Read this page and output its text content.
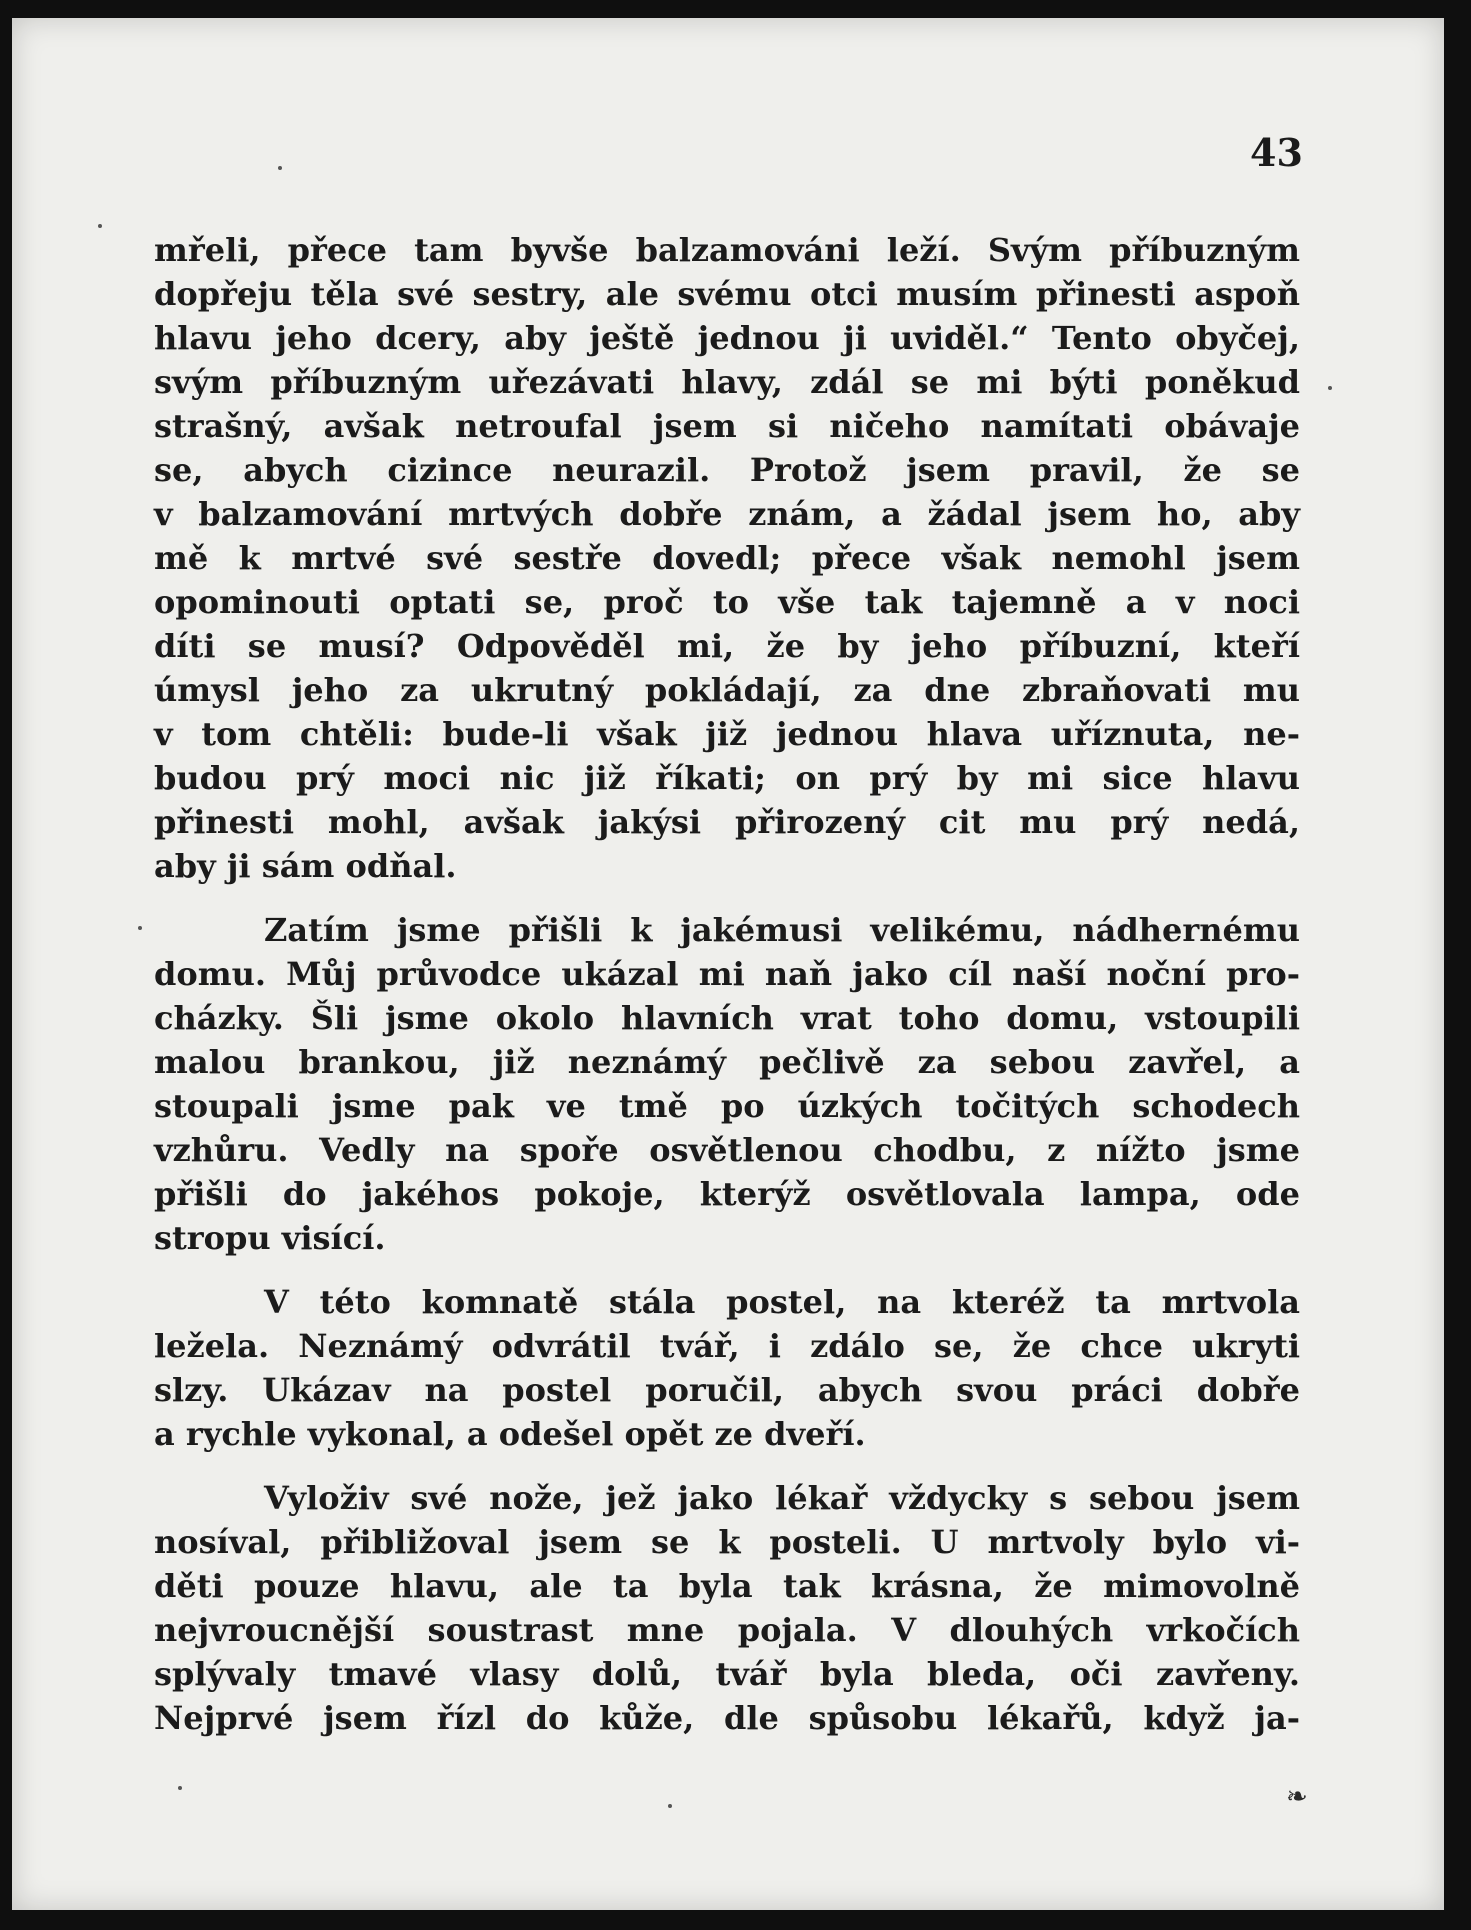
43

mřeli, přece tam byvše balzamováni leží. Svým příbuzným
dopřeju těla své sestry, ale svému otci musím přinesti aspoň
hlavu jeho dcery, aby ještě jednou ji uviděl.“ Tento obyčej,
svým příbuzným uřezávati hlavy, zdál se mi býti poněkud
strašný, avšak netroufal jsem si ničeho namítati obávaje
se, abych cizince neurazil. Protož jsem pravil, že se
v balzamování mrtvých dobře znám, a žádal jsem ho, aby
mě k mrtvé své sestře dovedl; přece však nemohl jsem
opominouti optati se, proč to vše tak tajemně a v noci
díti se musí? Odpověděl mi, že by jeho příbuzní, kteří
úmysl jeho za ukrutný pokládají, za dne zbraňovati mu
v tom chtěli: bude-li však již jednou hlava uříznuta, ne-
budou prý moci nic již říkati; on prý by mi sice hlavu
přinesti mohl, avšak jakýsi přirozený cit mu prý nedá,
aby ji sám odňal.

Zatím jsme přišli k jakémusi velikému, nádhernému
domu. Můj průvodce ukázal mi naň jako cíl naší noční pro-
cházky. Šli jsme okolo hlavních vrat toho domu, vstoupili
malou brankou, již neznámý pečlivě za sebou zavřel, a
stoupali jsme pak ve tmě po úzkých točitých schodech
vzhůru. Vedly na spoře osvětlenou chodbu, z nížto jsme
přišli do jakéhos pokoje, kterýž osvětlovala lampa, ode
stropu visící.

V této komnatě stála postel, na kteréž ta mrtvola
ležela. Neznámý odvrátil tvář, i zdálo se, že chce ukryti
slzy. Ukázav na postel poručil, abych svou práci dobře
a rychle vykonal, a odešel opět ze dveří.

Vyloživ své nože, jež jako lékař vždycky s sebou jsem
nosíval, přibližoval jsem se k posteli. U mrtvoly bylo vi-
děti pouze hlavu, ale ta byla tak krásna, že mimovolně
nejvroucnější soustrast mne pojala. V dlouhých vrkočích
splývaly tmavé vlasy dolů, tvář byla bleda, oči zavřeny.
Nejprvé jsem řízl do kůže, dle spůsobu lékařů, když ja-

❧
